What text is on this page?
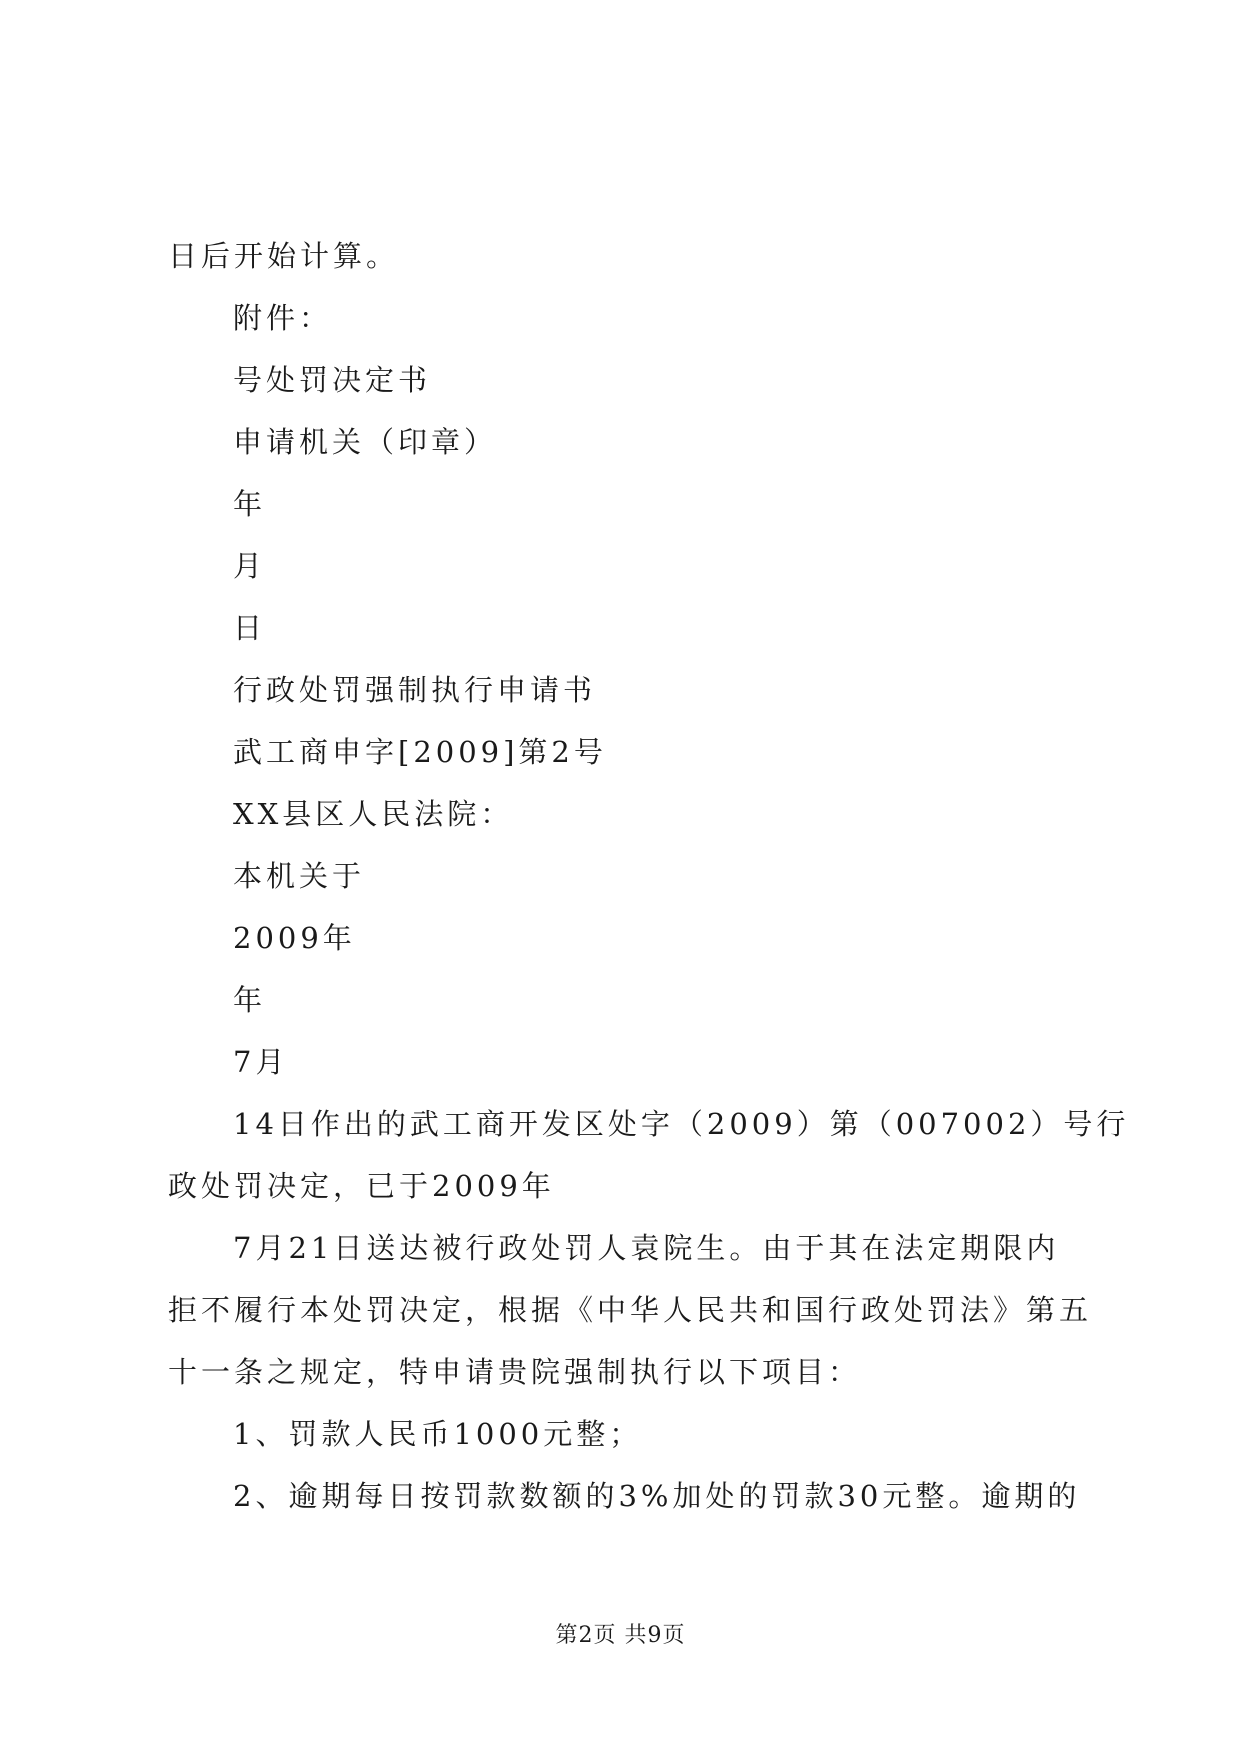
日后开始计算。
附件：
号处罚决定书
申请机关（印章）
年
月
日
行政处罚强制执行申请书
武工商申字[2009]第2号
XX县区人民法院：
本机关于
2009年
年
7月
14日作出的武工商开发区处字（2009）第（007002）号行
政处罚决定，已于2009年
7月21日送达被行政处罚人袁院生。由于其在法定期限内
拒不履行本处罚决定，根据《中华人民共和国行政处罚法》第五
十一条之规定，特申请贵院强制执行以下项目：
1、罚款人民币1000元整；
2、逾期每日按罚款数额的3%加处的罚款30元整。逾期的
第2页 共9页
